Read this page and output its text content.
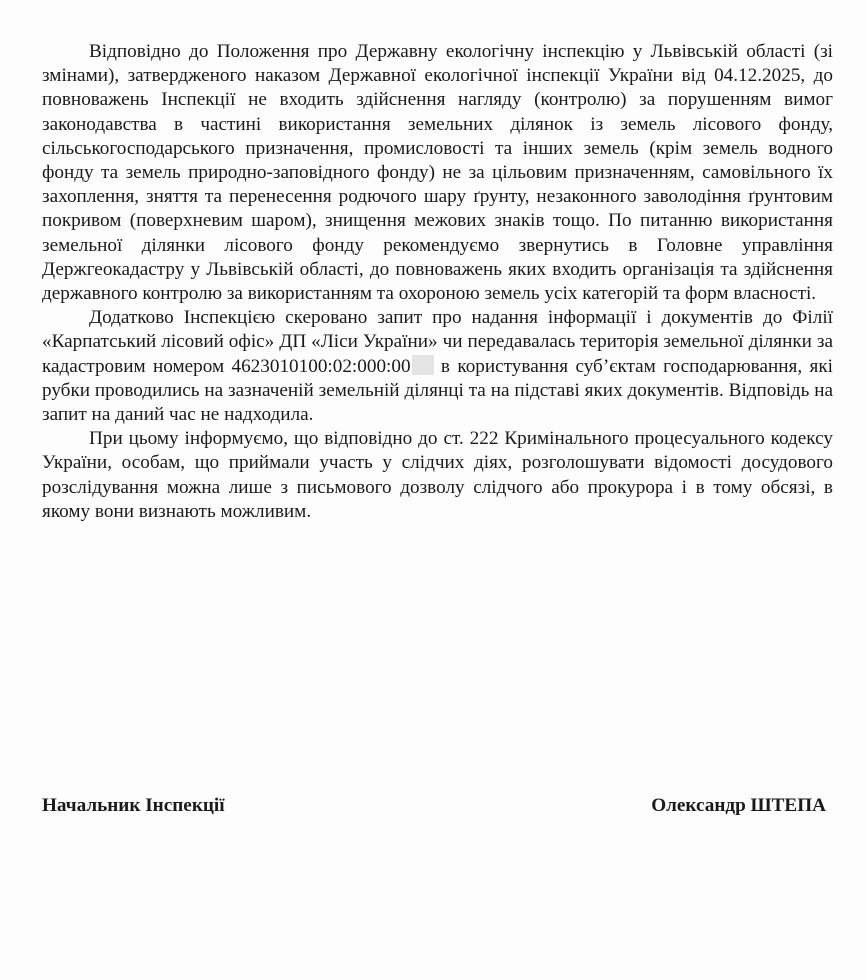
Відповідно до Положення про Державну екологічну інспекцію у Львівській області (зі змінами), затвердженого наказом Державної екологічної інспекції України від 04.12.2025, до повноважень Інспекції не входить здійснення нагляду (контролю) за порушенням вимог законодавства в частині використання земельних ділянок із земель лісового фонду, сільськогосподарського призначення, промисловості та інших земель (крім земель водного фонду та земель природно-заповідного фонду) не за цільовим призначенням, самовільного їх захоплення, зняття та перенесення родючого шару ґрунту, незаконного заволодіння ґрунтовим покривом (поверхневим шаром), знищення межових знаків тощо. По питанню використання земельної ділянки лісового фонду рекомендуємо звернутись в Головне управління Держгеокадастру у Львівській області, до повноважень яких входить організація та здійснення державного контролю за використанням та охороною земель усіх категорій та форм власності.

Додатково Інспекцією скеровано запит про надання інформації і документів до Філії «Карпатський лісовий офіс» ДП «Ліси України» чи передавалась територія земельної ділянки за кадастровим номером 4623010100:02:000:00 в користування суб’єктам господарювання, які рубки проводились на зазначеній земельній ділянці та на підставі яких документів. Відповідь на запит на даний час не надходила.

При цьому інформуємо, що відповідно до ст. 222 Кримінального процесуального кодексу України, особам, що приймали участь у слідчих діях, розголошувати відомості досудового розслідування можна лише з письмового дозволу слідчого або прокурора і в тому обсязі, в якому вони визнають можливим.

Начальник Інспекції	Олександр ШТЕПА
